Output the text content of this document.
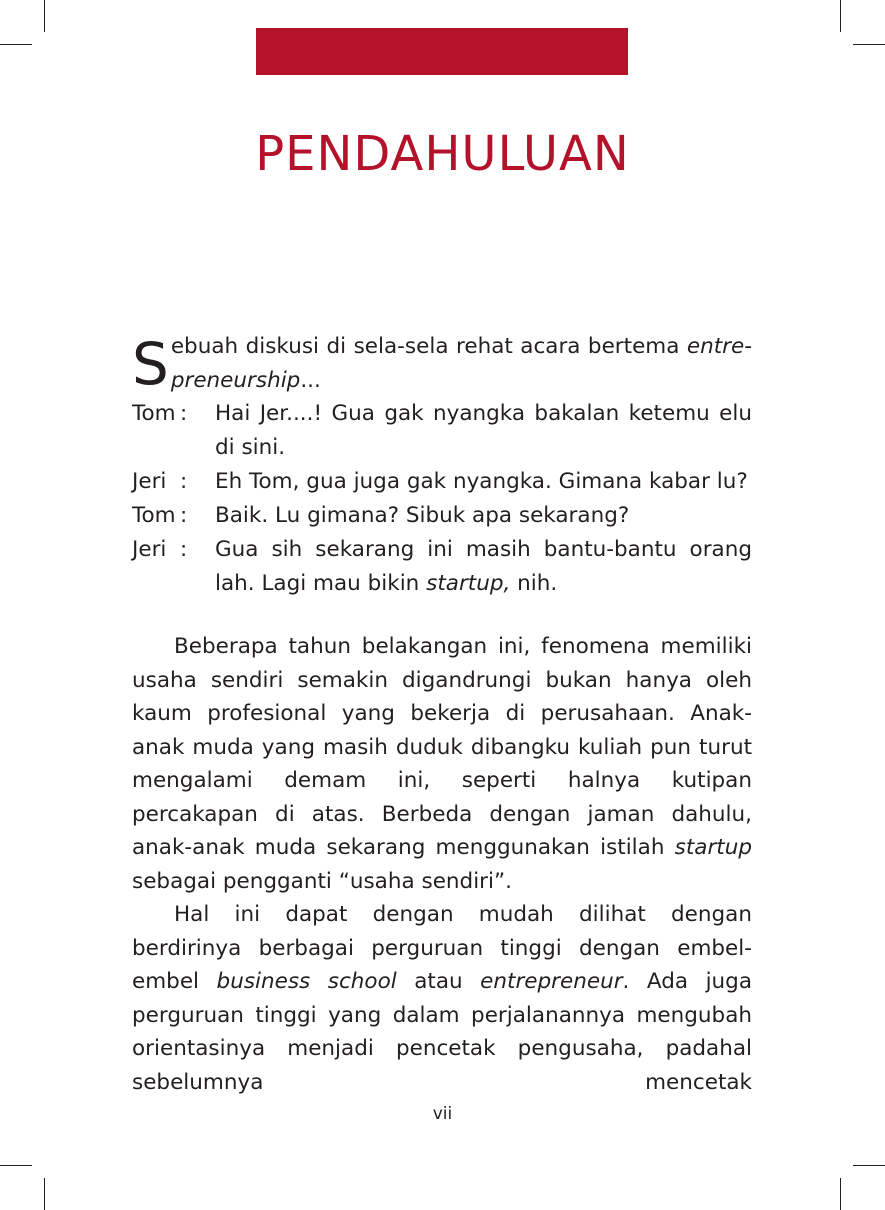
PENDAHULUAN
Sebuah diskusi di sela-sela rehat acara bertema entre-preneurship...
Tom :	Hai Jer....! Gua gak nyangka bakalan ketemu elu di sini.
Jeri :	Eh Tom, gua juga gak nyangka. Gimana kabar lu?
Tom :	Baik. Lu gimana? Sibuk apa sekarang?
Jeri :	Gua sih sekarang ini masih bantu-bantu orang lah. Lagi mau bikin startup, nih.

Beberapa tahun belakangan ini, fenomena memiliki usaha sendiri semakin digandrungi bukan hanya oleh kaum profesional yang bekerja di perusahaan. Anak-anak muda yang masih duduk dibangku kuliah pun turut mengalami demam ini, seperti halnya kutipan percakapan di atas. Berbeda dengan jaman dahulu, anak-anak muda sekarang menggunakan istilah startup sebagai pengganti “usaha sendiri”.

Hal ini dapat dengan mudah dilihat dengan berdirinya berbagai perguruan tinggi dengan embel-embel business school atau entrepreneur. Ada juga perguruan tinggi yang dalam perjalanannya mengubah orientasinya menjadi pencetak pengusaha, padahal sebelumnya mencetak

vii
